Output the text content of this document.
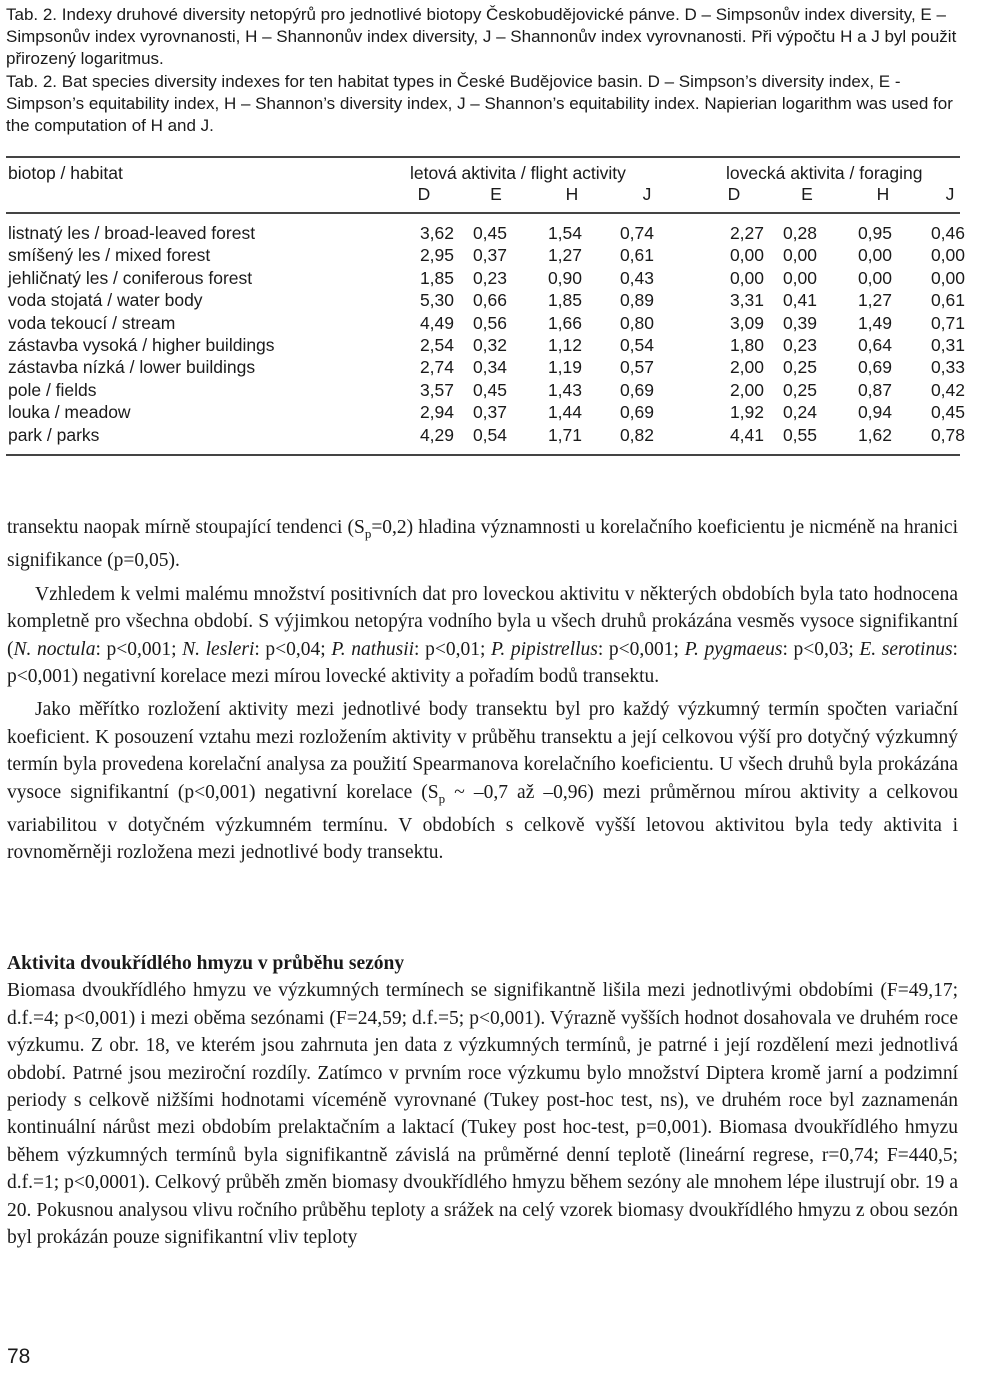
Tab. 2. Indexy druhové diversity netopýrů pro jednotlivé biotopy Českobudějovické pánve. D – Simpsonův index diversity, E – Simpsonův index vyrovnanosti, H – Shannonův index diversity, J – Shannonův index vyrovnanosti. Při výpočtu H a J byl použit přirozený logaritmus.

Tab. 2. Bat species diversity indexes for ten habitat types in České Budějovice basin. D – Simpson’s diversity index, E - Simpson’s equitability index, H – Shannon’s diversity index, J – Shannon’s equitability index. Napierian logarithm was used for the computation of H and J.

biotop / habitat	letová aktivita / flight activity	lovecká aktivita / foraging
D	E	H	J	D	E	H	J
listnatý les / broad-leaved forest	3,62	0,45	1,54	0,74	2,27	0,28	0,95	0,46
smíšený les / mixed forest	2,95	0,37	1,27	0,61	0,00	0,00	0,00	0,00
jehličnatý les / coniferous forest	1,85	0,23	0,90	0,43	0,00	0,00	0,00	0,00
voda stojatá / water body	5,30	0,66	1,85	0,89	3,31	0,41	1,27	0,61
voda tekoucí / stream	4,49	0,56	1,66	0,80	3,09	0,39	1,49	0,71
zástavba vysoká / higher buildings	2,54	0,32	1,12	0,54	1,80	0,23	0,64	0,31
zástavba nízká / lower buildings	2,74	0,34	1,19	0,57	2,00	0,25	0,69	0,33
pole / fields	3,57	0,45	1,43	0,69	2,00	0,25	0,87	0,42
louka / meadow	2,94	0,37	1,44	0,69	1,92	0,24	0,94	0,45
park / parks	4,29	0,54	1,71	0,82	4,41	0,55	1,62	0,78

transektu naopak mírně stoupající tendenci $(S_p=0,2)$ hladina významnosti u korelačního koeficientu je nicméně na hranici signifikance (p=0,05).

Vzhledem k velmi malému množství positivních dat pro loveckou aktivitu v některých obdobích byla tato hodnocena kompletně pro všechna období. S výjimkou netopýra vodního byla u všech druhů prokázána vesměs vysoce signifikantní (N. noctula: p<0,001; N. lesleri: p<0,04; P. nathusii: p<0,01; P. pipistrellus: p<0,001; P. pygmaeus: p<0,03; E. serotinus: p<0,001) negativní korelace mezi mírou lovecké aktivity a pořadím bodů transektu.

Jako měřítko rozložení aktivity mezi jednotlivé body transektu byl pro každý výzkumný termín spočten variační koeficient. K posouzení vztahu mezi rozložením aktivity v průběhu transektu a její celkovou výší pro dotyčný výzkumný termín byla provedena korelační analysa za použití Spearmanova korelačního koeficientu. U všech druhů byla prokázána vysoce signifikantní (p<0,001) negativní korelace ($S_p$ ~ –0,7 až –0,96) mezi průměrnou mírou aktivity a celkovou variabilitou v dotyčném výzkumném termínu. V obdobích s celkově vyšší letovou aktivitou byla tedy aktivita i rovnoměrněji rozložena mezi jednotlivé body transektu.

Aktivita dvoukřídlého hmyzu v průběhu sezóny

Biomasa dvoukřídlého hmyzu ve výzkumných termínech se signifikantně lišila mezi jednotlivými obdobími (F=49,17; d.f.=4; p<0,001) i mezi oběma sezónami (F=24,59; d.f.=5; p<0,001). Výrazně vyšších hodnot dosahovala ve druhém roce výzkumu. Z obr. 18, ve kterém jsou zahrnuta jen data z výzkumných termínů, je patrné i její rozdělení mezi jednotlivá období. Patrné jsou meziroční rozdíly. Zatímco v prvním roce výzkumu bylo množství Diptera kromě jarní a podzimní periody s celkově nižšími hodnotami víceméně vyrovnané (Tukey post-hoc test, ns), ve druhém roce byl zaznamenán kontinuální nárůst mezi obdobím prelaktačním a laktací (Tukey post hoc-test, p=0,001). Biomasa dvoukřídlého hmyzu během výzkumných termínů byla signifikantně závislá na průměrné denní teplotě (lineární regrese, r=0,74; F=440,5; d.f.=1; p<0,0001). Celkový průběh změn biomasy dvoukřídlého hmyzu během sezóny ale mnohem lépe ilustrují obr. 19 a 20. Pokusnou analysou vlivu ročního průběhu teploty a srážek na celý vzorek biomasy dvoukřídlého hmyzu z obou sezón byl prokázán pouze signifikantní vliv teploty

78
